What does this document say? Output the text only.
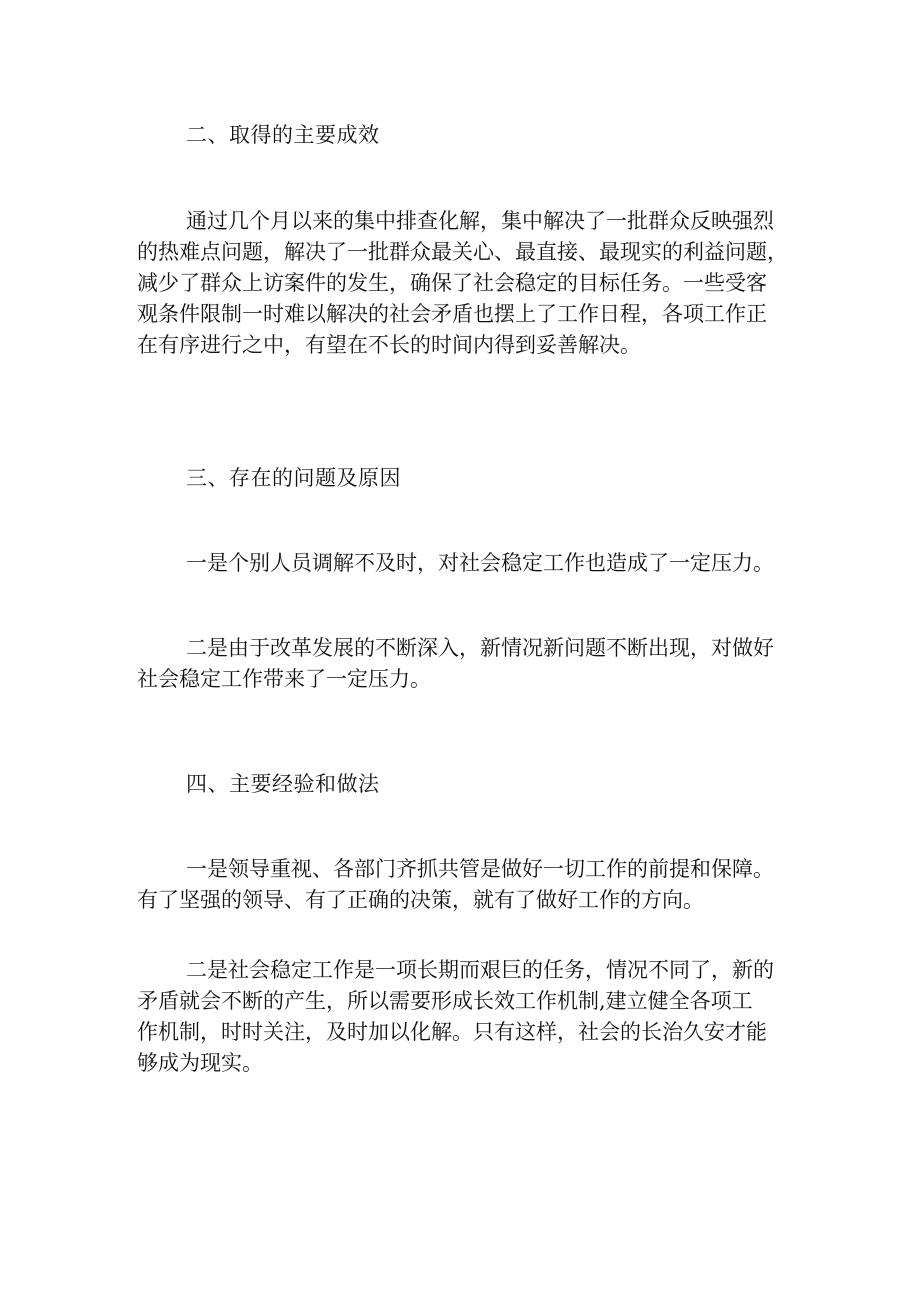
二、取得的主要成效
通过几个月以来的集中排查化解，集中解决了一批群众反映强烈
的热难点问题，解决了一批群众最关心、最直接、最现实的利益问题，
减少了群众上访案件的发生，确保了社会稳定的目标任务。一些受客
观条件限制一时难以解决的社会矛盾也摆上了工作日程，各项工作正
在有序进行之中，有望在不长的时间内得到妥善解决。
三、存在的问题及原因
一是个别人员调解不及时，对社会稳定工作也造成了一定压力。
二是由于改革发展的不断深入，新情况新问题不断出现，对做好
社会稳定工作带来了一定压力。
四、主要经验和做法
一是领导重视、各部门齐抓共管是做好一切工作的前提和保障。
有了坚强的领导、有了正确的决策，就有了做好工作的方向。
二是社会稳定工作是一项长期而艰巨的任务，情况不同了，新的
矛盾就会不断的产生，所以需要形成长效工作机制,建立健全各项工
作机制，时时关注，及时加以化解。只有这样，社会的长治久安才能
够成为现实。
